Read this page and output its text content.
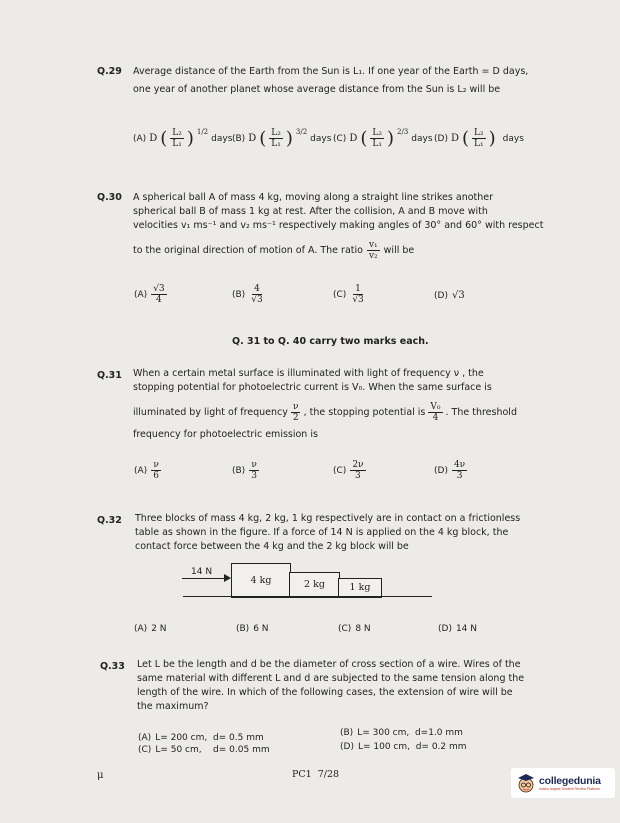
Q.29 Average distance of the Earth from the Sun is L₁. If one year of the Earth = D days,
one year of another planet whose average distance from the Sun is L₂ will be
(A) D ( $\frac{\text{L₂}}{\text{L₁}}$ ) $^{1/2}$
days (B) D ( $\frac{\text{L₂}}{\text{L₁}}$ ) $^{3/2}$
days (C) D ( $\frac{\text{L₂}}{\text{L₁}}$ ) $^{2/3}$
days (D) D ( $\frac{\text{L₂}}{\text{L₁}}$ ) days
Q.30 A spherical ball A of mass 4 kg, moving along a straight line strikes another
spherical ball B of mass 1 kg at rest. After the collision, A and B move with
velocities v₁ ms⁻¹ and v₂ ms⁻¹ respectively making angles of 30° and 60° with respect
to the original direction of motion of A. The ratio $\frac{\text{v₁}}{\text{v₂}}$ will be
$(A) \frac{√3}{4}$	$(B) \frac{4}{√3}$	$(C) \frac{1}{√3}$	(D) √3
Q. 31 to Q. 40 carry two marks each.
Q.31 When a certain metal surface is illuminated with light of frequency ν , the
stopping potential for photoelectric current is V₀. When the same surface is
illuminated by light of frequency $\frac{\nu}{2}$ , the stopping potential is $\frac{\text{V₀}}{4}$ . The threshold
frequency for photoelectric emission is
$(A) \frac{\nu}{6}$	$(B) \frac{\nu}{3}$	$(C) \frac{2\nu}{3}$	$(D) \frac{4\nu}{3}$
Q.32 Three blocks of mass 4 kg, 2 kg, 1 kg respectively are in contact on a frictionless
table as shown in the figure. If a force of 14 N is applied on the 4 kg block, the
contact force between the 4 kg and the 2 kg block will be
14 N
4 kg	2 kg	1 kg
(A) 2 N	(B) 6 N	(C) 8 N	(D) 14 N
Q.33 Let L be the length and d be the diameter of cross section of a wire. Wires of the
same material with different L and d are subjected to the same tension along the
length of the wire. In which of the following cases, the extension of wire will be
the maximum?
(A) L= 200 cm,  d= 0.5 mm	(B) L= 300 cm,  d=1.0 mm
(C) L= 50 cm,    d= 0.05 mm	(D) L= 100 cm,  d= 0.2 mm
μ	PC1  7/28
collegedunia
India's largest Student Review Platform
